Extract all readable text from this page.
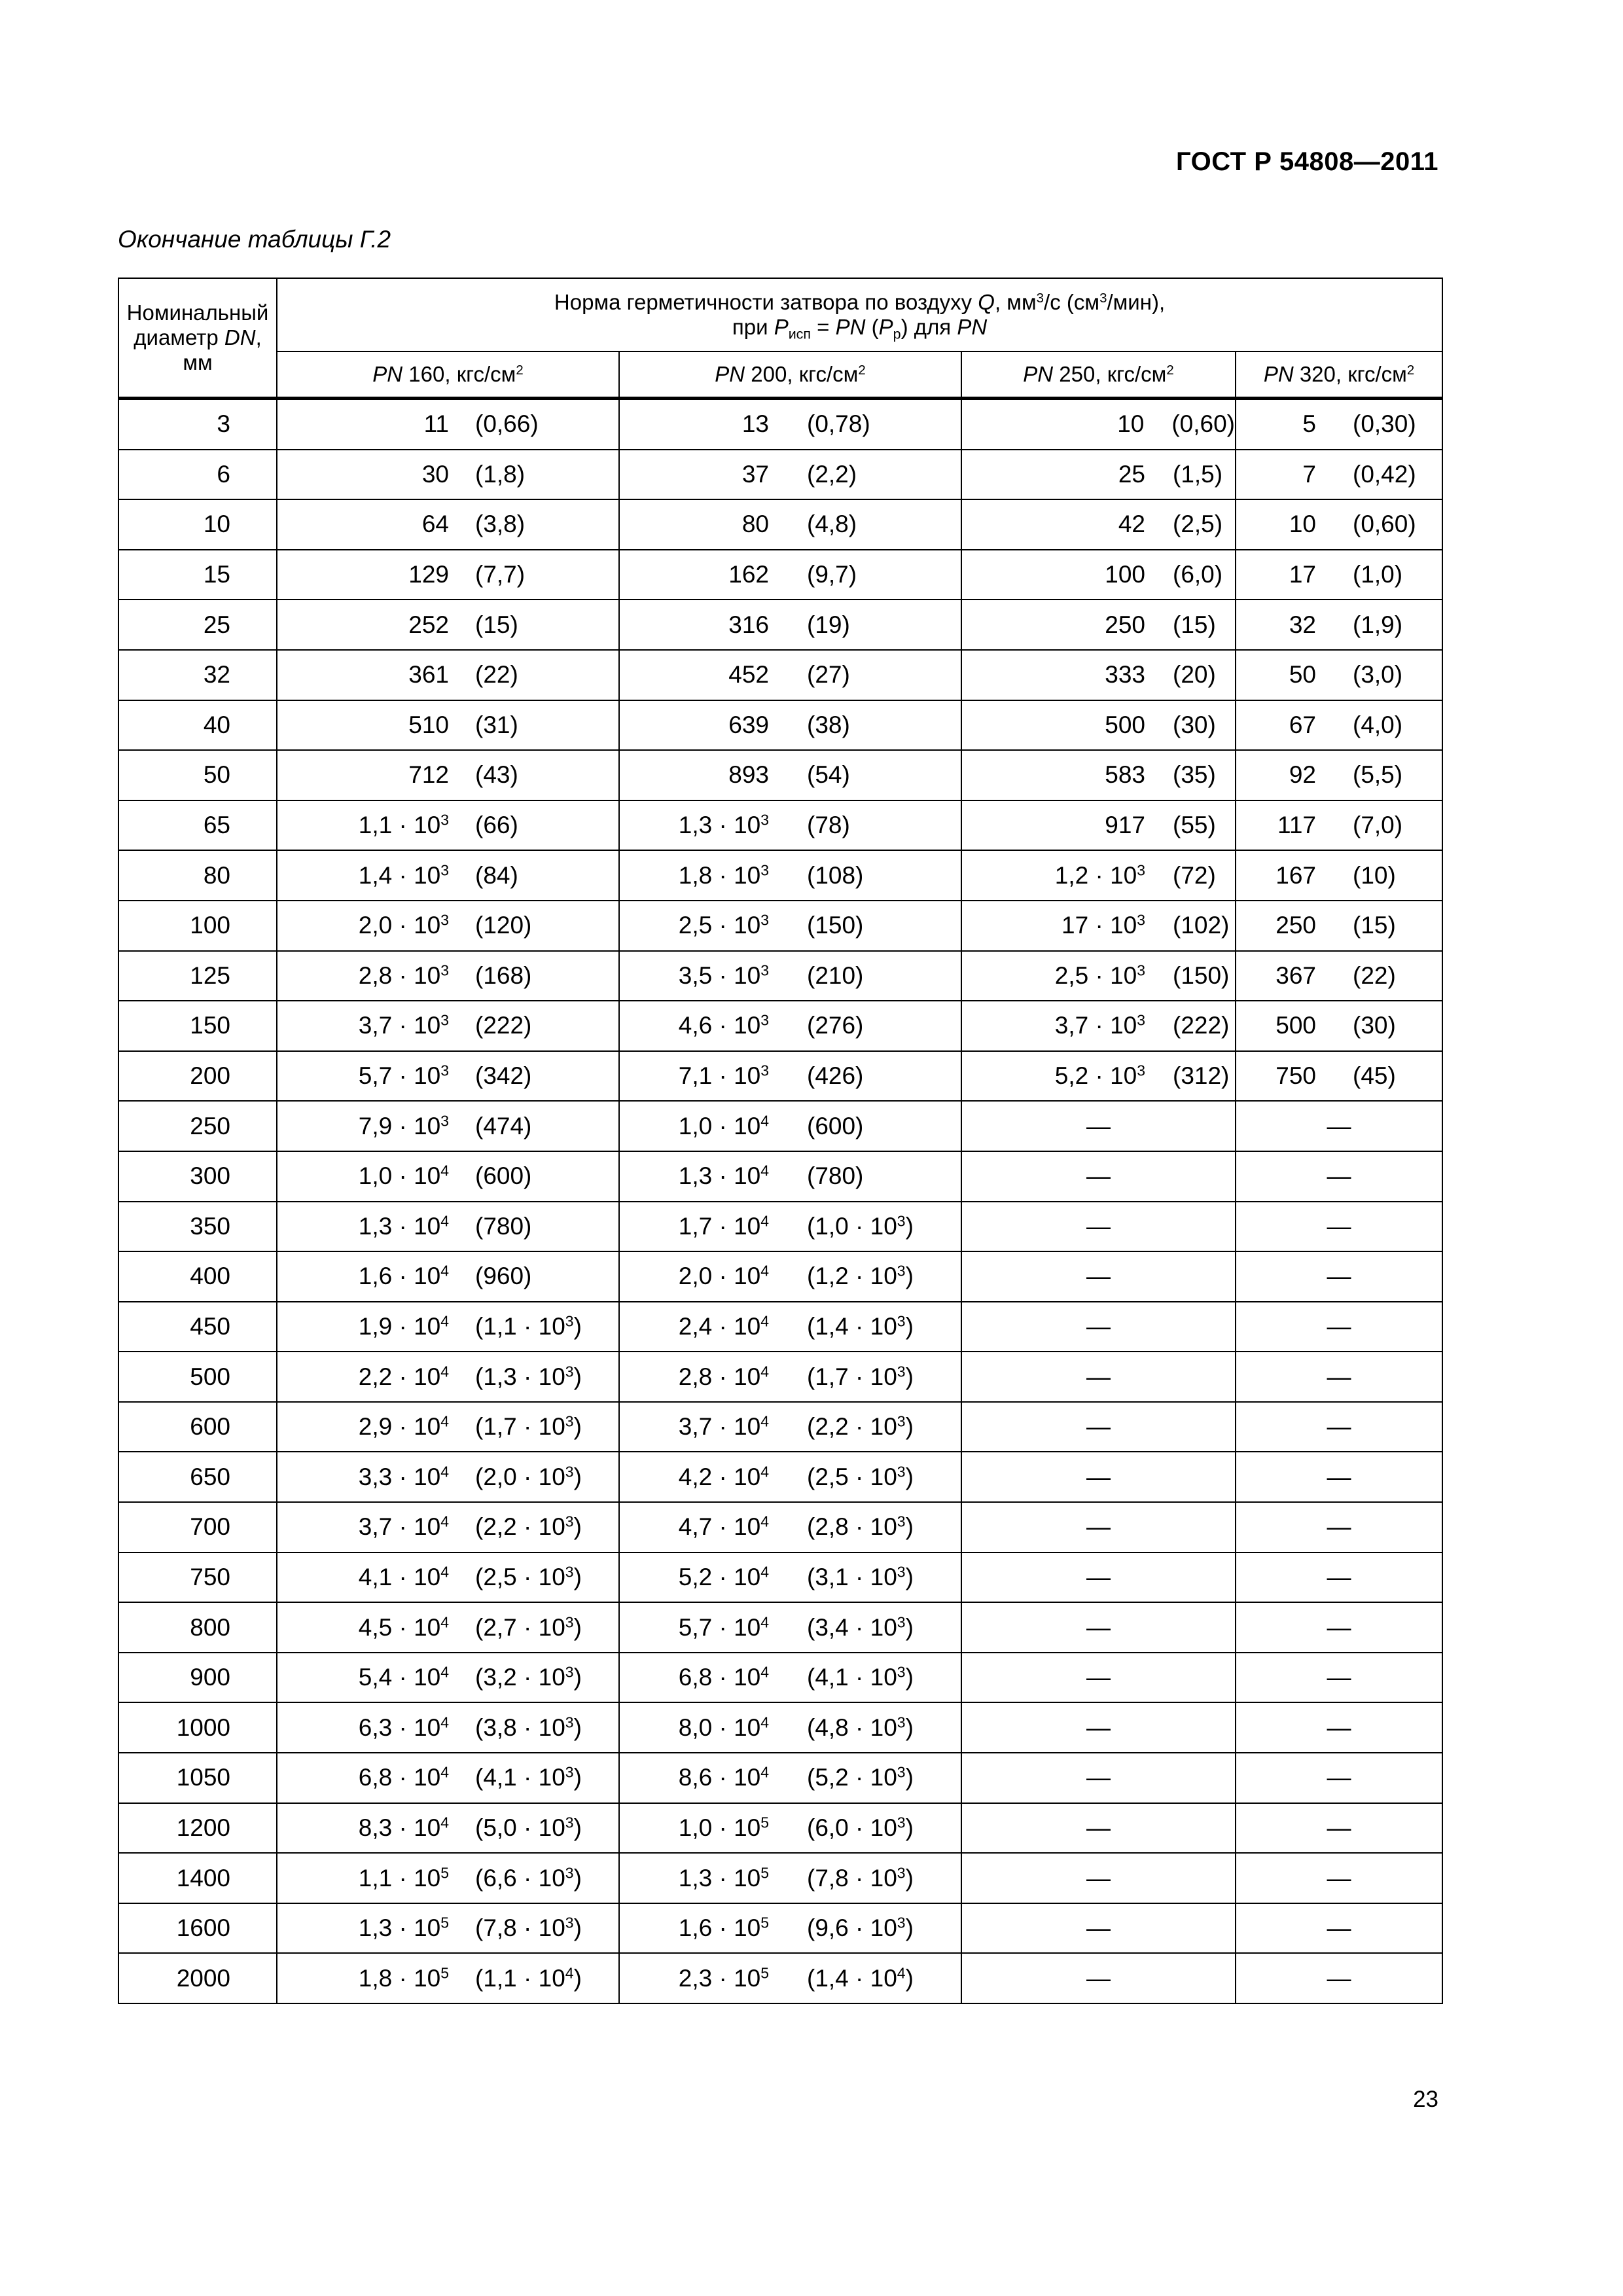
ГОСТ Р 54808—2011
Окончание таблицы Г.2
Номинальный
диаметр DN,
мм	Норма герметичности затвора по воздуху Q, $мм^3/с$ $(см^3/мин)$,
при $P_{исп}$ = PN $(P_р)$ для PN			
	PN 160, кгс/$см^2$	PN 200, кгс/$см^2$	PN 250, кгс/$см^2$	PN 320, кгс/$см^2$
3	11 (0,66)	13 (0,78)	10 (0,60)	5 (0,30)

6	30 (1,8)	37 (2,2)	25 (1,5)	7 (0,42)

10	64 (3,8)	80 (4,8)	42 (2,5)	10 (0,60)

15	129 (7,7)	162 (9,7)	100 (6,0)	17 (1,0)

25	252 (15)	316 (19)	250 (15)	32 (1,9)

32	361 (22)	452 (27)	333 (20)	50 (3,0)

40	510 (31)	639 (38)	500 (30)	67 (4,0)

50	712 (43)	893 (54)	583 (35)	92 (5,5)

65	$1,1 \cdot 10^3$ (66)	$1,3 \cdot 10^3$ (78)	917 (55)	117 (7,0)

80	$1,4 \cdot 10^3$ (84)	$1,8 \cdot 10^3$ (108)	$1,2 \cdot 10^3$ (72)	167 (10)

100	$2,0 \cdot 10^3$ (120)	$2,5 \cdot 10^3$ (150)	$17 \cdot 10^3$ (102)	250 (15)

125	$2,8 \cdot 10^3$ (168)	$3,5 \cdot 10^3$ (210)	$2,5 \cdot 10^3$ (150)	367 (22)

150	$3,7 \cdot 10^3$ (222)	$4,6 \cdot 10^3$ (276)	$3,7 \cdot 10^3$ (222)	500 (30)

200	$5,7 \cdot 10^3$ (342)	$7,1 \cdot 10^3$ (426)	$5,2 \cdot 10^3$ (312)	750 (45)

250	$7,9 \cdot 10^3$ (474)	$1,0 \cdot 10^4$ (600)	—	—
300	$1,0 \cdot 10^4$ (600)	$1,3 \cdot 10^4$ (780)	—	—
350	$1,3 \cdot 10^4$ (780)	$1,7 \cdot 10^4$ $(1,0 \cdot 10^3)$	—	—
400	$1,6 \cdot 10^4$ (960)	$2,0 \cdot 10^4$ $(1,2 \cdot 10^3)$	—	—
450	$1,9 \cdot 10^4$ $(1,1 \cdot 10^3)$	$2,4 \cdot 10^4$ $(1,4 \cdot 10^3)$	—	—
500	$2,2 \cdot 10^4$ $(1,3 \cdot 10^3)$	$2,8 \cdot 10^4$ $(1,7 \cdot 10^3)$	—	—
600	$2,9 \cdot 10^4$ $(1,7 \cdot 10^3)$	$3,7 \cdot 10^4$ $(2,2 \cdot 10^3)$	—	—
650	$3,3 \cdot 10^4$ $(2,0 \cdot 10^3)$	$4,2 \cdot 10^4$ $(2,5 \cdot 10^3)$	—	—
700	$3,7 \cdot 10^4$ $(2,2 \cdot 10^3)$	$4,7 \cdot 10^4$ $(2,8 \cdot 10^3)$	—	—
750	$4,1 \cdot 10^4$ $(2,5 \cdot 10^3)$	$5,2 \cdot 10^4$ $(3,1 \cdot 10^3)$	—	—
800	$4,5 \cdot 10^4$ $(2,7 \cdot 10^3)$	$5,7 \cdot 10^4$ $(3,4 \cdot 10^3)$	—	—
900	$5,4 \cdot 10^4$ $(3,2 \cdot 10^3)$	$6,8 \cdot 10^4$ $(4,1 \cdot 10^3)$	—	—
1000	$6,3 \cdot 10^4$ $(3,8 \cdot 10^3)$	$8,0 \cdot 10^4$ $(4,8 \cdot 10^3)$	—	—
1050	$6,8 \cdot 10^4$ $(4,1 \cdot 10^3)$	$8,6 \cdot 10^4$ $(5,2 \cdot 10^3)$	—	—
1200	$8,3 \cdot 10^4$ $(5,0 \cdot 10^3)$	$1,0 \cdot 10^5$ $(6,0 \cdot 10^3)$	—	—
1400	$1,1 \cdot 10^5$ $(6,6 \cdot 10^3)$	$1,3 \cdot 10^5$ $(7,8 \cdot 10^3)$	—	—
1600	$1,3 \cdot 10^5$ $(7,8 \cdot 10^3)$	$1,6 \cdot 10^5$ $(9,6 \cdot 10^3)$	—	—
2000	$1,8 \cdot 10^5$ $(1,1 \cdot 10^4)$	$2,3 \cdot 10^5$ $(1,4 \cdot 10^4)$	—	—
23
